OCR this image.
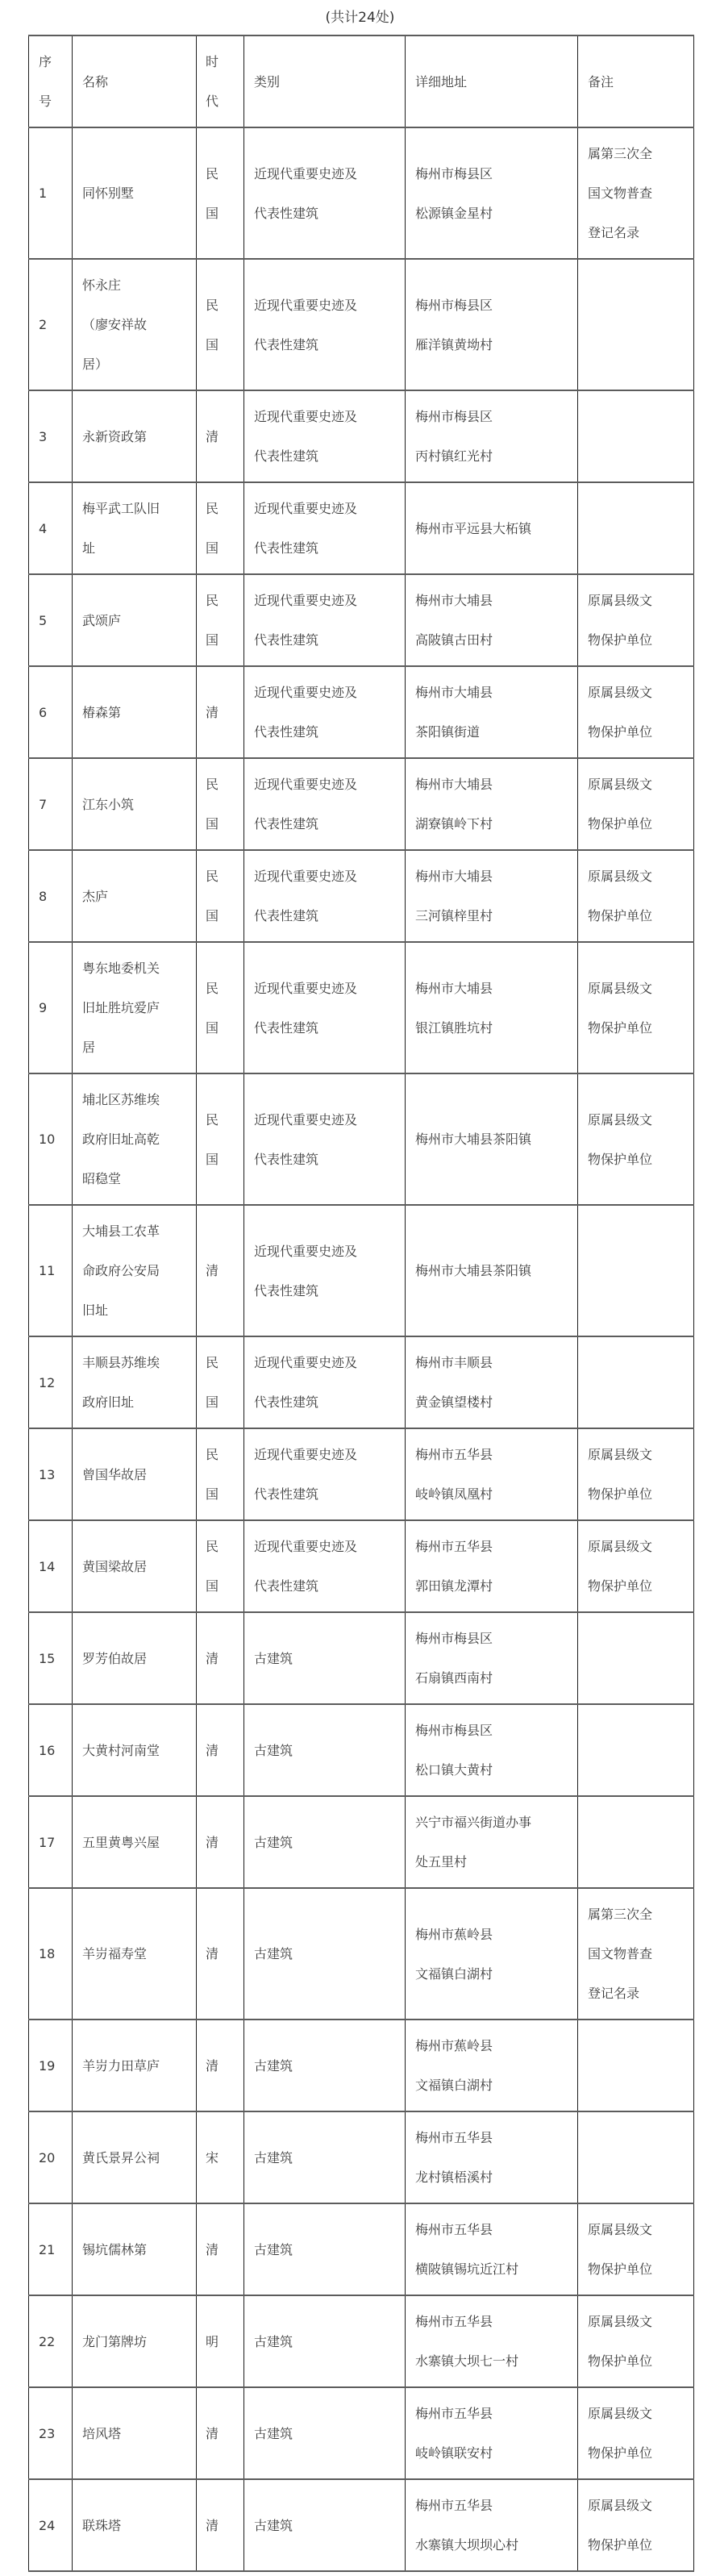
(共计24处)
序
号	名称	时
代	类别	详细地址	备注

1	同怀别墅	民
国	近现代重要史迹及
代表性建筑	梅州市梅县区
松源镇金星村	属第三次全
国文物普查
登记名录

2	怀永庄
（廖安祥故
居）	民
国	近现代重要史迹及
代表性建筑	梅州市梅县区
雁洋镇黄坳村	

3	永新资政第	清	近现代重要史迹及
代表性建筑	梅州市梅县区
丙村镇红光村	

4	梅平武工队旧
址	民
国	近现代重要史迹及
代表性建筑	梅州市平远县大柘镇	

5	武颂庐	民
国	近现代重要史迹及
代表性建筑	梅州市大埔县
高陂镇古田村	原属县级文
物保护单位

6	椿森第	清	近现代重要史迹及
代表性建筑	梅州市大埔县
茶阳镇街道	原属县级文
物保护单位

7	江东小筑	民
国	近现代重要史迹及
代表性建筑	梅州市大埔县
湖寮镇岭下村	原属县级文
物保护单位

8	杰庐	民
国	近现代重要史迹及
代表性建筑	梅州市大埔县
三河镇梓里村	原属县级文
物保护单位

9	粤东地委机关
旧址胜坑爱庐
居	民
国	近现代重要史迹及
代表性建筑	梅州市大埔县
银江镇胜坑村	原属县级文
物保护单位

10	埔北区苏维埃
政府旧址高乾
昭稳堂	民
国	近现代重要史迹及
代表性建筑	梅州市大埔县茶阳镇	原属县级文
物保护单位

11	大埔县工农革
命政府公安局
旧址	清	近现代重要史迹及
代表性建筑	梅州市大埔县茶阳镇	

12	丰顺县苏维埃
政府旧址	民
国	近现代重要史迹及
代表性建筑	梅州市丰顺县
黄金镇望楼村	

13	曾国华故居	民
国	近现代重要史迹及
代表性建筑	梅州市五华县
岐岭镇凤凰村	原属县级文
物保护单位

14	黄国梁故居	民
国	近现代重要史迹及
代表性建筑	梅州市五华县
郭田镇龙潭村	原属县级文
物保护单位

15	罗芳伯故居	清	古建筑	梅州市梅县区
石扇镇西南村	

16	大黄村河南堂	清	古建筑	梅州市梅县区
松口镇大黄村	

17	五里黄粤兴屋	清	古建筑	兴宁市福兴街道办事
处五里村	

18	羊岃福寿堂	清	古建筑	梅州市蕉岭县
文福镇白湖村	属第三次全
国文物普查
登记名录

19	羊岃力田草庐	清	古建筑	梅州市蕉岭县
文福镇白湖村	

20	黄氏景昇公祠	宋	古建筑	梅州市五华县
龙村镇梧溪村	

21	锡坑儒林第	清	古建筑	梅州市五华县
横陂镇锡坑近江村	原属县级文
物保护单位

22	龙门第牌坊	明	古建筑	梅州市五华县
水寨镇大坝七一村	原属县级文
物保护单位

23	培风塔	清	古建筑	梅州市五华县
岐岭镇联安村	原属县级文
物保护单位

24	联珠塔	清	古建筑	梅州市五华县
水寨镇大坝坝心村	原属县级文
物保护单位
